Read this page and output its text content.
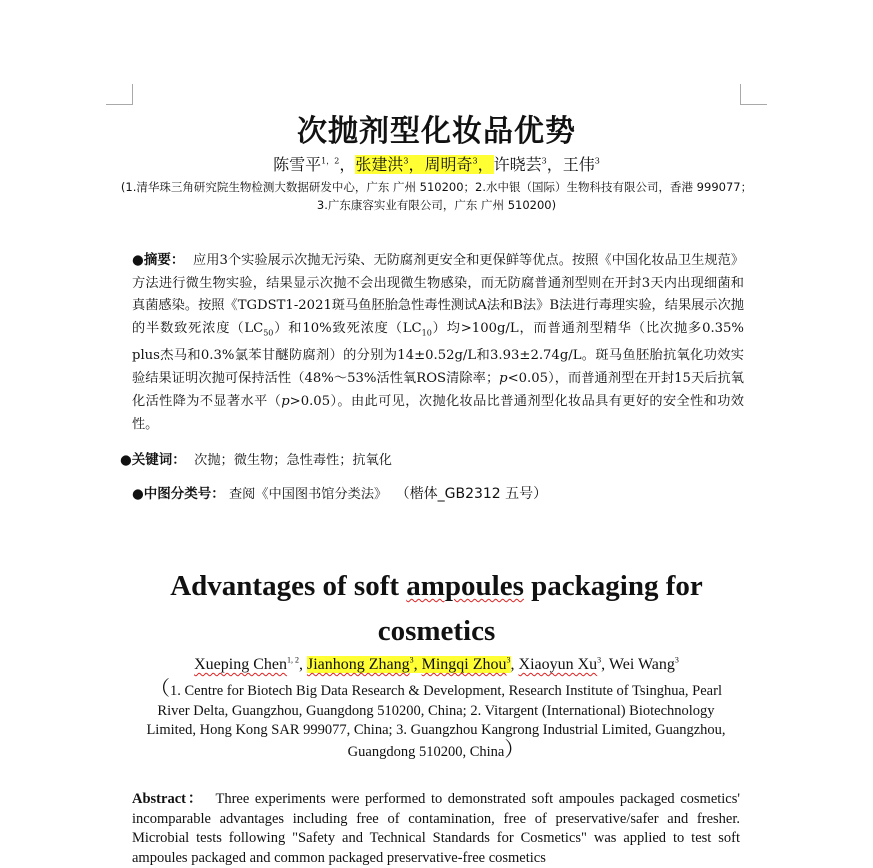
次抛剂型化妆品优势
陈雪平$^{1,2}$，张建洪$^3$，周明奇$^3$，许晓芸$^3$，王伟$^3$
(1.清华珠三角研究院生物检测大数据研发中心，广东 广州 510200；2.水中银（国际）生物科技有限公司，香港 999077；3.广东康容实业有限公司，广东 广州 510200)
●摘要： 应用3个实验展示次抛无污染、无防腐剂更安全和更保鲜等优点。按照《中国化妆品卫生规范》方法进行微生物实验，结果显示次抛不会出现微生物感染，而无防腐普通剂型则在开封3天内出现细菌和真菌感染。按照《TGDST1-2021斑马鱼胚胎急性毒性测试A法和B法》B法进行毒理实验，结果展示次抛的半数致死浓度$(LC_{50})$和10%致死浓度$(LC_{10})$均>100g/L，而普通剂型精华（比次抛多0.35% plus杰马和0.3%氯苯甘醚防腐剂）的分别为14±0.52g/L和3.93±2.74g/L。斑马鱼胚胎抗氧化功效实验结果证明次抛可保持活性（48%～53%活性氧ROS清除率；p<0.05），而普通剂型在开封15天后抗氧化活性降为不显著水平（p>0.05）。由此可见，次抛化妆品比普通剂型化妆品具有更好的安全性和功效性。
●关键词： 次抛；微生物；急性毒性；抗氧化
●中图分类号： 查阅《中国图书馆分类法》 （楷体_GB2312 五号）
Advantages of soft ampoules packaging for
cosmetics
Xueping Chen$^{1, 2}$, Jianhong Zhang$^3$, Mingqi Zhou$^3$, Xiaoyun Xu$^3$, Wei Wang$^3$
（1. Centre for Biotech Big Data Research & Development, Research Institute of Tsinghua, Pearl River Delta, Guangzhou, Guangdong 510200, China; 2. Vitargent (International) Biotechnology Limited, Hong Kong SAR 999077, China; 3. Guangzhou Kangrong Industrial Limited, Guangzhou, Guangdong 510200, China）
Abstract： Three experiments were performed to demonstrated soft ampoules packaged cosmetics' incomparable advantages including free of contamination, free of preservative/safer and fresher. Microbial tests following "Safety and Technical Standards for Cosmetics" was applied to test soft ampoules packaged and common packaged preservative-free cosmetics
